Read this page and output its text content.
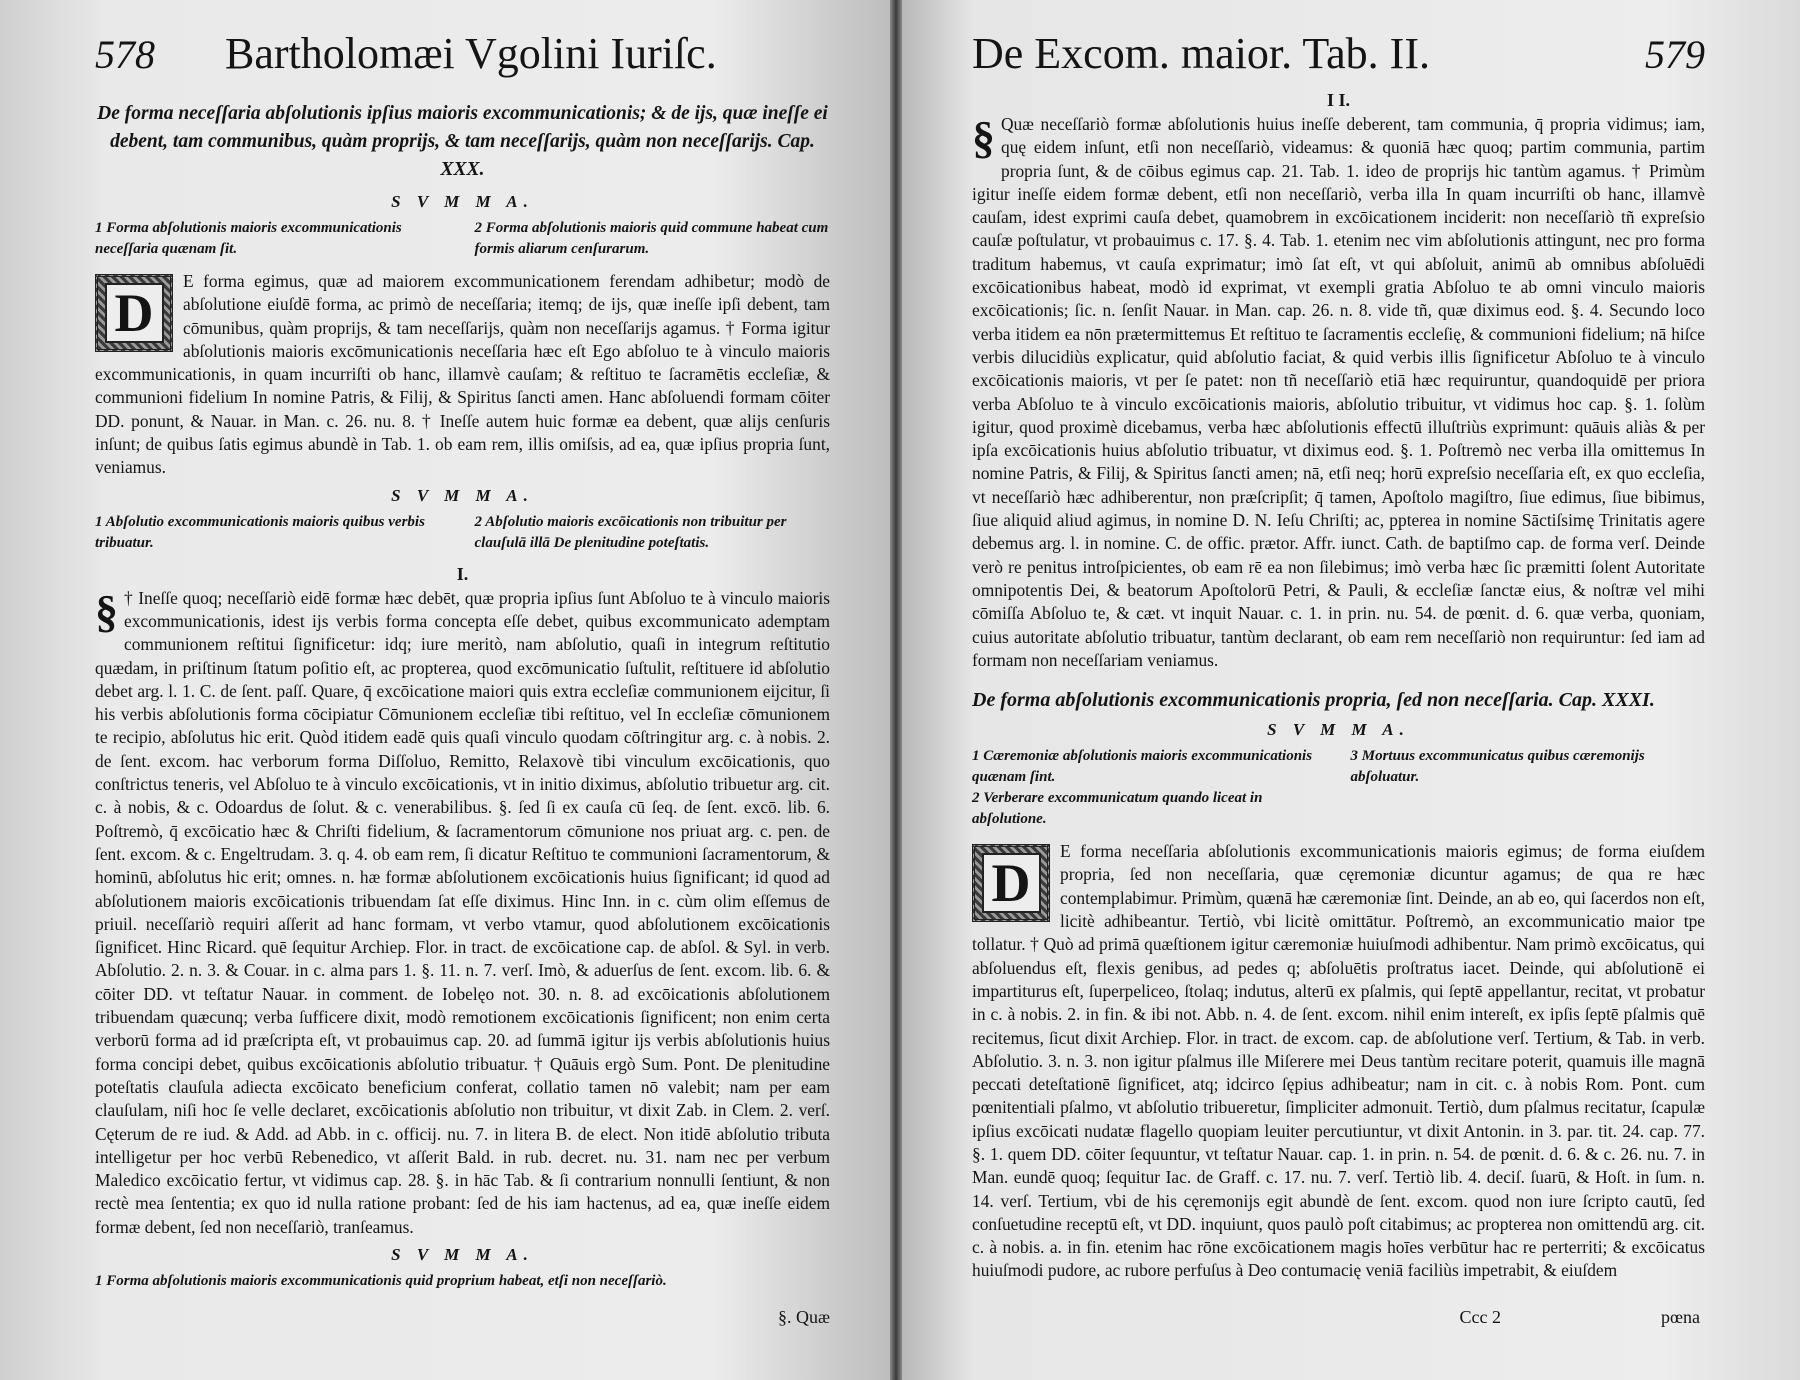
578 Bartholomæi Vgolini Iuriſc.
De forma neceſſaria abſolutionis ipſius maioris excommunicationis; & de ijs, quæ ineſſe ei debent, tam communibus, quàm proprijs, & tam neceſſarijs, quàm non neceſſarijs. Cap. XXX.
S V M M A.
1 Forma abſolutionis maioris excommunicationis neceſſaria quænam ſit.
2 Forma abſolutionis maioris quid commune habeat cum formis aliarum cenſurarum.
D

E forma egimus, quæ ad maiorem excommunicationem ferendam adhibetur; modò de abſolutione eiuſdē forma, ac primò de neceſſaria; itemq; de ijs, quæ ineſſe ipſi debent, tam cōmunibus, quàm proprijs, & tam neceſſarijs, quàm non neceſſarijs agamus. † Forma igitur abſolutionis maioris excōmunicationis neceſſaria hæc eſt Ego abſoluo te à vinculo maioris excommunicationis, in quam incurriſti ob hanc, illamvè cauſam; & reſtituo te ſacramētis eccleſiæ, & communioni fidelium In nomine Patris, & Filij, & Spiritus ſancti amen. Hanc abſoluendi formam cōiter DD. ponunt, & Nauar. in Man. c. 26. nu. 8. † Ineſſe autem huic formæ ea debent, quæ alijs cenſuris inſunt; de quibus ſatis egimus abundè in Tab. 1. ob eam rem, illis omiſsis, ad ea, quæ ipſius propria ſunt, veniamus.

S V M M A.
1 Abſolutio excommunicationis maioris quibus verbis tribuatur.
2 Abſolutio maioris excōicationis non tribuitur per clauſulā illā De plenitudine poteſtatis.
I.
§ † Ineſſe quoq; neceſſariò eidē formæ hæc debēt, quæ propria ipſius ſunt Abſoluo te à vinculo maioris excommunicationis, idest ijs verbis forma concepta eſſe debet, quibus excommunicato ademptam communionem reſtitui ſignificetur: idq; iure meritò, nam abſolutio, quaſi in integrum reſtitutio quædam, in priſtinum ſtatum poſitio eſt, ac propterea, quod excōmunicatio ſuſtulit, reſtituere id abſolutio debet arg. l. 1. C. de ſent. paſſ. Quare, q̄ excōicatione maiori quis extra eccleſiæ communionem eijcitur, ſi his verbis abſolutionis forma cōcipiatur Cōmunionem eccleſiæ tibi reſtituo, vel In eccleſiæ cōmunionem te recipio, abſolutus hic erit. Quòd itidem eadē quis quaſi vinculo quodam cōſtringitur arg. c. à nobis. 2. de ſent. excom. hac verborum forma Diſſoluo, Remitto, Relaxovè tibi vinculum excōicationis, quo conſtrictus teneris, vel Abſoluo te à vinculo excōicationis, vt in initio diximus, abſolutio tribuetur arg. cit. c. à nobis, & c. Odoardus de ſolut. & c. venerabilibus. §. ſed ſi ex cauſa cū ſeq. de ſent. excō. lib. 6. Poſtremò, q̄ excōicatio hæc & Chriſti fidelium, & ſacramentorum cōmunione nos priuat arg. c. pen. de ſent. excom. & c. Engeltrudam. 3. q. 4. ob eam rem, ſi dicatur Reſtituo te communioni ſacramentorum, & hominū, abſolutus hic erit; omnes. n. hæ formæ abſolutionem excōicationis huius ſignificant; id quod ad abſolutionem maioris excōicationis tribuendam ſat eſſe diximus. Hinc Inn. in c. cùm olim eſſemus de priuil. neceſſariò requiri aſſerit ad hanc formam, vt verbo vtamur, quod abſolutionem excōicationis ſignificet. Hinc Ricard. quē ſequitur Archiep. Flor. in tract. de excōicatione cap. de abſol. & Syl. in verb. Abſolutio. 2. n. 3. & Couar. in c. alma pars 1. §. 11. n. 7. verſ. Imò, & aduerſus de ſent. excom. lib. 6. & cōiter DD. vt teſtatur Nauar. in comment. de Iobelęo not. 30. n. 8. ad excōicationis abſolutionem tribuendam quæcunq; verba ſufficere dixit, modò remotionem excōicationis ſignificent; non enim certa verborū forma ad id præſcripta eſt, vt probauimus cap. 20. ad ſummā igitur ijs verbis abſolutionis huius forma concipi debet, quibus excōicationis abſolutio tribuatur. † Quāuis ergò Sum. Pont. De plenitudine poteſtatis clauſula adiecta excōicato beneficium conferat, collatio tamen nō valebit; nam per eam clauſulam, niſi hoc ſe velle declaret, excōicationis abſolutio non tribuitur, vt dixit Zab. in Clem. 2. verſ. Cęterum de re iud. & Add. ad Abb. in c. officij. nu. 7. in litera B. de elect. Non itidē abſolutio tributa intelligetur per hoc verbū Rebenedico, vt aſſerit Bald. in rub. decret. nu. 31. nam nec per verbum Maledico excōicatio fertur, vt vidimus cap. 28. §. in hāc Tab. & ſi contrarium nonnulli ſentiunt, & non rectè mea ſententia; ex quo id nulla ratione probant: ſed de his iam hactenus, ad ea, quæ ineſſe eidem formæ debent, ſed non neceſſariò, tranſeamus.

S V M M A.
1 Forma abſolutionis maioris excommunicationis quid proprium habeat, etſi non neceſſariò.
§. Quæ
De Excom. maior. Tab. II.	579
I I.
§ Quæ neceſſariò formæ abſolutionis huius ineſſe deberent, tam communia, q̄ propria vidimus; iam, quę eidem inſunt, etſi non neceſſariò, videamus: & quoniā hæc quoq; partim communia, partim propria ſunt, & de cōibus egimus cap. 21. Tab. 1. ideo de proprijs hic tantùm agamus. † Primùm igitur ineſſe eidem formæ debent, etſi non neceſſariò, verba illa In quam incurriſti ob hanc, illamvè cauſam, idest exprimi cauſa debet, quamobrem in excōicationem inciderit: non neceſſariò tñ expreſsio cauſæ poſtulatur, vt probauimus c. 17. §. 4. Tab. 1. etenim nec vim abſolutionis attingunt, nec pro forma traditum habemus, vt cauſa exprimatur; imò ſat eſt, vt qui abſoluit, animū ab omnibus abſoluēdi excōicationibus habeat, modò id exprimat, vt exempli gratia Abſoluo te ab omni vinculo maioris excōicationis; ſic. n. ſenſit Nauar. in Man. cap. 26. n. 8. vide tñ, quæ diximus eod. §. 4. Secundo loco verba itidem ea nōn prætermittemus Et reſtituo te ſacramentis eccleſię, & communioni fidelium; nā hiſce verbis dilucidiùs explicatur, quid abſolutio faciat, & quid verbis illis ſignificetur Abſoluo te à vinculo excōicationis maioris, vt per ſe patet: non tñ neceſſariò etiā hæc requiruntur, quandoquidē per priora verba Abſoluo te à vinculo excōicationis maioris, abſolutio tribuitur, vt vidimus hoc cap. §. 1. ſolùm igitur, quod proximè dicebamus, verba hæc abſolutionis effectū illuſtriùs exprimunt: quāuis aliàs & per ipſa excōicationis huius abſolutio tribuatur, vt diximus eod. §. 1. Poſtremò nec verba illa omittemus In nomine Patris, & Filij, & Spiritus ſancti amen; nā, etſi neq; horū expreſsio neceſſaria eſt, ex quo eccleſia, vt neceſſariò hæc adhiberentur, non præſcripſit; q̄ tamen, Apoſtolo magiſtro, ſiue edimus, ſiue bibimus, ſiue aliquid aliud agimus, in nomine D. N. Ieſu Chriſti; ac, ppterea in nomine Sāctiſsimę Trinitatis agere debemus arg. l. in nomine. C. de offic. prætor. Affr. iunct. Cath. de baptiſmo cap. de forma verſ. Deinde verò re penitus introſpicientes, ob eam rē ea non ſilebimus; imò verba hæc ſic præmitti ſolent Autoritate omnipotentis Dei, & beatorum Apoſtolorū Petri, & Pauli, & eccleſiæ ſanctæ eius, & noſtræ vel mihi cōmiſſa Abſoluo te, & cæt. vt inquit Nauar. c. 1. in prin. nu. 54. de pœnit. d. 6. quæ verba, quoniam, cuius autoritate abſolutio tribuatur, tantùm declarant, ob eam rem neceſſariò non requiruntur: ſed iam ad formam non neceſſariam veniamus.

De forma abſolutionis excommunicationis propria, ſed non neceſſaria. Cap. XXXI.
S V M M A.
1 Cæremoniæ abſolutionis maioris excommunicationis quænam ſint.
3 Mortuus excommunicatus quibus cæremonijs abſoluatur.
2 Verberare excommunicatum quando liceat in abſolutione.
D

E forma neceſſaria abſolutionis excommunicationis maioris egimus; de forma eiuſdem propria, ſed non neceſſaria, quæ cęremoniæ dicuntur agamus; de qua re hæc contemplabimur. Primùm, quænā hæ cæremoniæ ſint. Deinde, an ab eo, qui ſacerdos non eſt, licitè adhibeantur. Tertiò, vbi licitè omittātur. Poſtremò, an excommunicatio maior tpe tollatur. † Quò ad primā quæſtionem igitur cæremoniæ huiuſmodi adhibentur. Nam primò excōicatus, qui abſoluendus eſt, flexis genibus, ad pedes q; abſoluētis proſtratus iacet. Deinde, qui abſolutionē ei impartiturus eſt, ſuperpeliceo, ſtolaq; indutus, alterū ex pſalmis, qui ſeptē appellantur, recitat, vt probatur in c. à nobis. 2. in fin. & ibi not. Abb. n. 4. de ſent. excom. nihil enim intereſt, ex ipſis ſeptē pſalmis quē recitemus, ſicut dixit Archiep. Flor. in tract. de excom. cap. de abſolutione verſ. Tertium, & Tab. in verb. Abſolutio. 3. n. 3. non igitur pſalmus ille Miſerere mei Deus tantùm recitare poterit, quamuis ille magnā peccati deteſtationē ſignificet, atq; idcirco ſępius adhibeatur; nam in cit. c. à nobis Rom. Pont. cum pœnitentiali pſalmo, vt abſolutio tribueretur, ſimpliciter admonuit. Tertiò, dum pſalmus recitatur, ſcapulæ ipſius excōicati nudatæ flagello quopiam leuiter percutiuntur, vt dixit Antonin. in 3. par. tit. 24. cap. 77. §. 1. quem DD. cōiter ſequuntur, vt teſtatur Nauar. cap. 1. in prin. n. 54. de pœnit. d. 6. & c. 26. nu. 7. in Man. eundē quoq; ſequitur Iac. de Graff. c. 17. nu. 7. verſ. Tertiò lib. 4. deciſ. ſuarū, & Hoſt. in ſum. n. 14. verſ. Tertium, vbi de his cęremonijs egit abundè de ſent. excom. quod non iure ſcripto cautū, ſed conſuetudine receptū eſt, vt DD. inquiunt, quos paulò poſt citabimus; ac propterea non omittendū arg. cit. c. à nobis. a. in fin. etenim hac rōne excōicationem magis hoīes verbūtur hac re perterriti; & excōicatus huiuſmodi pudore, ac rubore perfuſus à Deo contumacię veniā faciliùs impetrabit, & eiuſdem

Ccc 2	pœna
